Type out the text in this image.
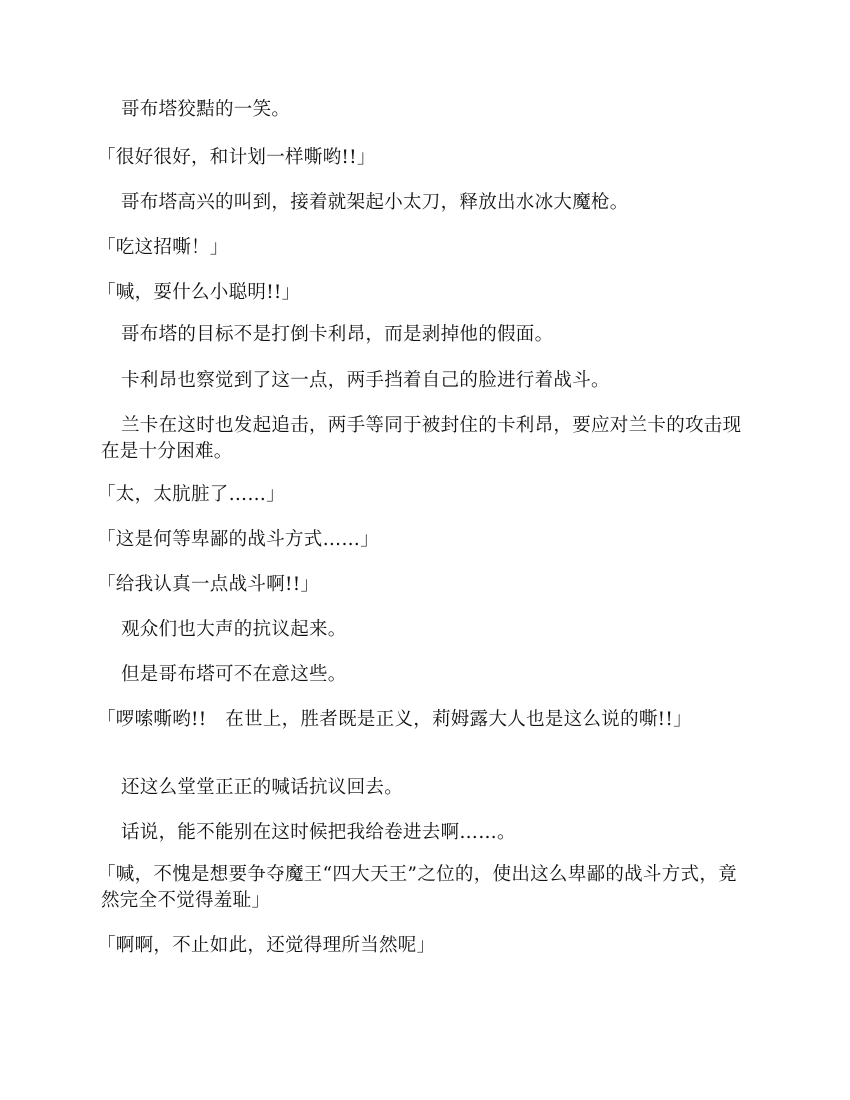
哥布塔狡黠的一笑。

「很好很好，和计划一样嘶哟!!」

哥布塔高兴的叫到，接着就架起小太刀，释放出水冰大魔枪。

「吃这招嘶！」

「喊，耍什么小聪明!!」

哥布塔的目标不是打倒卡利昂，而是剥掉他的假面。

卡利昂也察觉到了这一点，两手挡着自己的脸进行着战斗。

兰卡在这时也发起追击，两手等同于被封住的卡利昂，要应对兰卡的攻击现在是十分困难。

「太，太肮脏了……」

「这是何等卑鄙的战斗方式……」

「给我认真一点战斗啊!!」

观众们也大声的抗议起来。

但是哥布塔可不在意这些。

「啰嗦嘶哟!!　在世上，胜者既是正义，莉姆露大人也是这么说的嘶!!」

还这么堂堂正正的喊话抗议回去。

话说，能不能别在这时候把我给卷进去啊……。

「喊，不愧是想要争夺魔王“四大天王”之位的，使出这么卑鄙的战斗方式，竟然完全不觉得羞耻」

「啊啊，不止如此，还觉得理所当然呢」
